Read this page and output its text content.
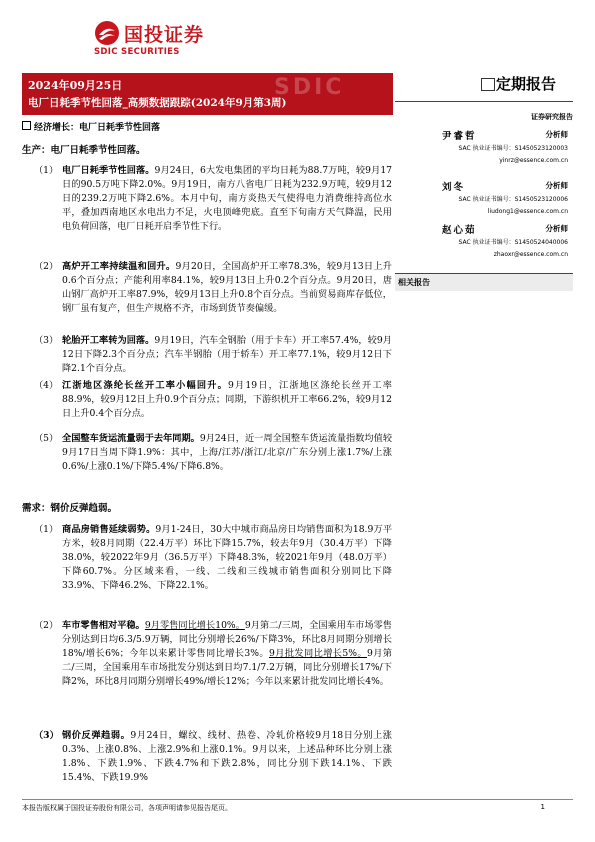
国投证券
SDIC SECURITIES
SDIC
2024年09月25日
电厂日耗季节性回落_高频数据跟踪(2024年9月第3周)
定期报告
证券研究报告
尹睿哲	分析师
SAC 执业证书编号：S1450523120003
yinrz@essence.com.cn
刘冬	分析师
SAC 执业证书编号：S1450523120006
liudong1@essence.com.cn
赵心茹	分析师
SAC 执业证书编号：S1450524040006
zhaoxr@essence.com.cn
相关报告
经济增长：电厂日耗季节性回落
生产：电厂日耗季节性回落。
（1） 电厂日耗季节性回落。9月24日，6大发电集团的平均日耗为88.7万吨，较9月17日的90.5万吨下降2.0%。9月19日，南方八省电厂日耗为232.9万吨，较9月12日的239.2万吨下降2.6%。本月中旬，南方炎热天气使得电力消费维持高位水平，叠加西南地区水电出力不足，火电顶峰兜底。直至下旬南方天气降温，民用电负荷回落，电厂日耗开启季节性下行。
（2） 高炉开工率持续温和回升。9月20日，全国高炉开工率78.3%，较9月13日上升0.6个百分点；产能利用率84.1%，较9月13日上升0.2个百分点。9月20日，唐山钢厂高炉开工率87.9%，较9月13日上升0.8个百分点。当前贸易商库存低位，钢厂虽有复产，但生产规格不齐，市场到货节奏偏缓。
（3） 轮胎开工率转为回落。9月19日，汽车全钢胎（用于卡车）开工率57.4%，较9月12日下降2.3个百分点；汽车半钢胎（用于轿车）开工率77.1%，较9月12日下降2.1个百分点。
（4） 江浙地区涤纶长丝开工率小幅回升。9月19日，江浙地区涤纶长丝开工率88.9%，较9月12日上升0.9个百分点；同期，下游织机开工率66.2%，较9月12日上升0.4个百分点。
（5） 全国整车货运流量弱于去年同期。9月24日，近一周全国整车货运流量指数均值较9月17日当周下降1.9%：其中，上海/江苏/浙江/北京/广东分别上涨1.7%/上涨0.6%/上涨0.1%/下降5.4%/下降6.8%。
需求：钢价反弹趋弱。
（1） 商品房销售延续弱势。9月1-24日，30大中城市商品房日均销售面积为18.9万平方米，较8月同期（22.4万平）环比下降15.7%，较去年9月（30.4万平）下降38.0%，较2022年9月（36.5万平）下降48.3%，较2021年9月（48.0万平）下降60.7%。分区域来看，一线、二线和三线城市销售面积分别同比下降33.9%、下降46.2%、下降22.1%。
（2） 车市零售相对平稳。9月零售同比增长10%。9月第二/三周，全国乘用车市场零售分别达到日均6.3/5.9万辆，同比分别增长26%/下降3%，环比8月同期分别增长18%/增长6%；今年以来累计零售同比增长3%。9月批发同比增长5%。9月第二/三周，全国乘用车市场批发分别达到日均7.1/7.2万辆，同比分别增长17%/下降2%，环比8月同期分别增长49%/增长12%；今年以来累计批发同比增长4%。
（3） 钢价反弹趋弱。9月24日，螺纹、线材、热卷、冷轧价格较9月18日分别上涨0.3%、上涨0.8%、上涨2.9%和上涨0.1%。9月以来，上述品种环比分别上涨1.8%、下跌1.9%、下跌4.7%和下跌2.8%，同比分别下跌14.1%、下跌15.4%、下跌19.9%
本报告版权属于国投证券股份有限公司，各项声明请参见报告尾页。	1
